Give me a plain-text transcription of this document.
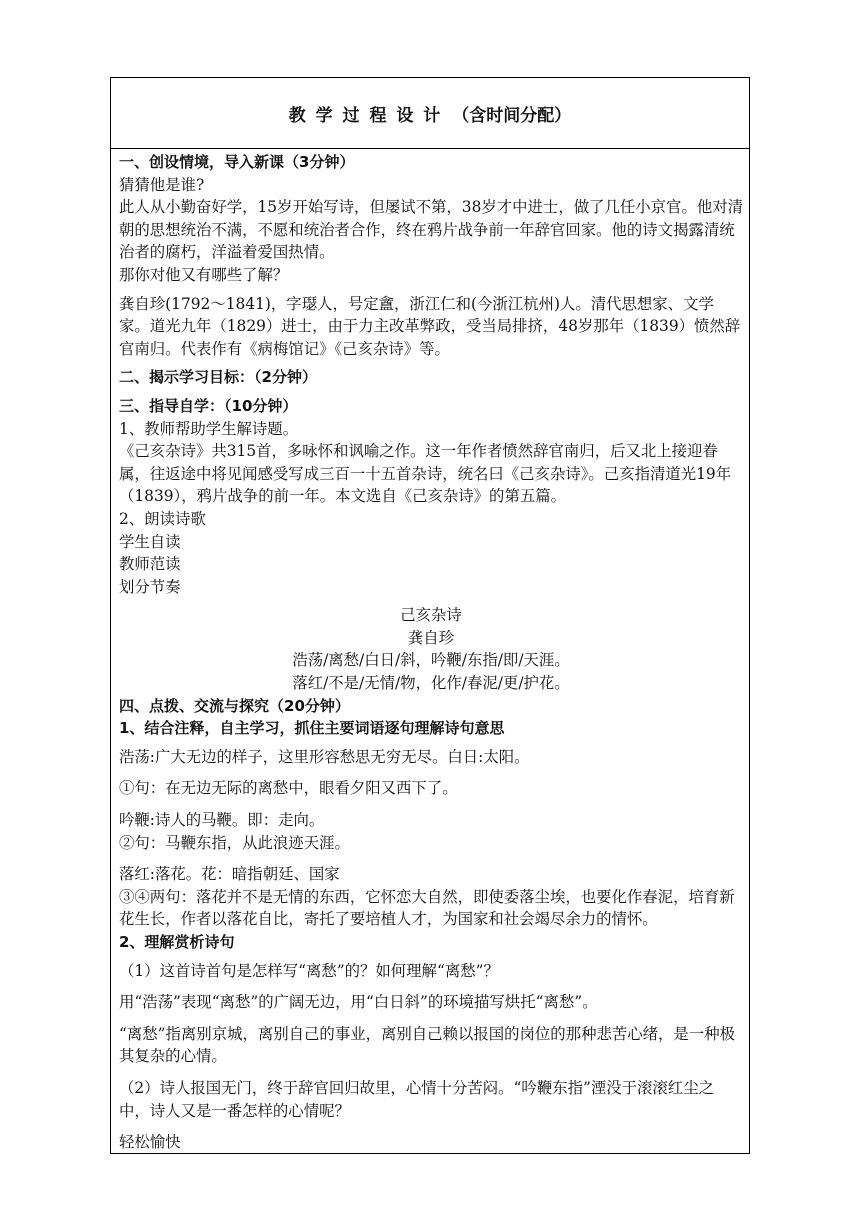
教 学 过 程 设 计 （含时间分配）

一、创设情境，导入新课（3分钟）

猜猜他是谁?

此人从小勤奋好学，15岁开始写诗，但屡试不第，38岁才中进士，做了几任小京官。他对清朝的思想统治不满，不愿和统治者合作，终在鸦片战争前一年辞官回家。他的诗文揭露清统治者的腐朽，洋溢着爱国热情。

那你对他又有哪些了解？

龚自珍(1792～1841)，字璱人，号定盦，浙江仁和(今浙江杭州)人。清代思想家、文学家。道光九年（1829）进士，由于力主改革弊政，受当局排挤，48岁那年（1839）愤然辞官南归。代表作有《病梅馆记》《己亥杂诗》等。

二、揭示学习目标：（2分钟）

三、指导自学：（10分钟）

1、教师帮助学生解诗题。

《己亥杂诗》共315首，多咏怀和讽喻之作。这一年作者愤然辞官南归，后又北上接迎眷属，往返途中将见闻感受写成三百一十五首杂诗，统名曰《己亥杂诗》。己亥指清道光19年（1839），鸦片战争的前一年。本文选自《己亥杂诗》的第五篇。

2、朗读诗歌

学生自读

教师范读

划分节奏

己亥杂诗

龚自珍

浩荡/离愁/白日/斜，吟鞭/东指/即/天涯。

落红/不是/无情/物，化作/春泥/更/护花。

四、点拨、交流与探究（20分钟）

1、结合注释，自主学习，抓住主要词语逐句理解诗句意思

浩荡:广大无边的样子，这里形容愁思无穷无尽。白日:太阳。

①句：在无边无际的离愁中，眼看夕阳又西下了。

吟鞭:诗人的马鞭。即：走向。

②句：马鞭东指，从此浪迹天涯。

落红:落花。花：暗指朝廷、国家

③④两句：落花并不是无情的东西，它怀恋大自然，即使委落尘埃，也要化作春泥，培育新花生长，作者以落花自比，寄托了要培植人才，为国家和社会竭尽余力的情怀。

2、理解赏析诗句

（1）这首诗首句是怎样写“离愁”的？如何理解“离愁”？

用“浩荡”表现“离愁”的广阔无边，用“白日斜”的环境描写烘托“离愁”。

“离愁”指离别京城，离别自己的事业，离别自己赖以报国的岗位的那种悲苦心绪，是一种极其复杂的心情。

（2）诗人报国无门，终于辞官回归故里，心情十分苦闷。“吟鞭东指”湮没于滚滚红尘之中，诗人又是一番怎样的心情呢？

轻松愉快
